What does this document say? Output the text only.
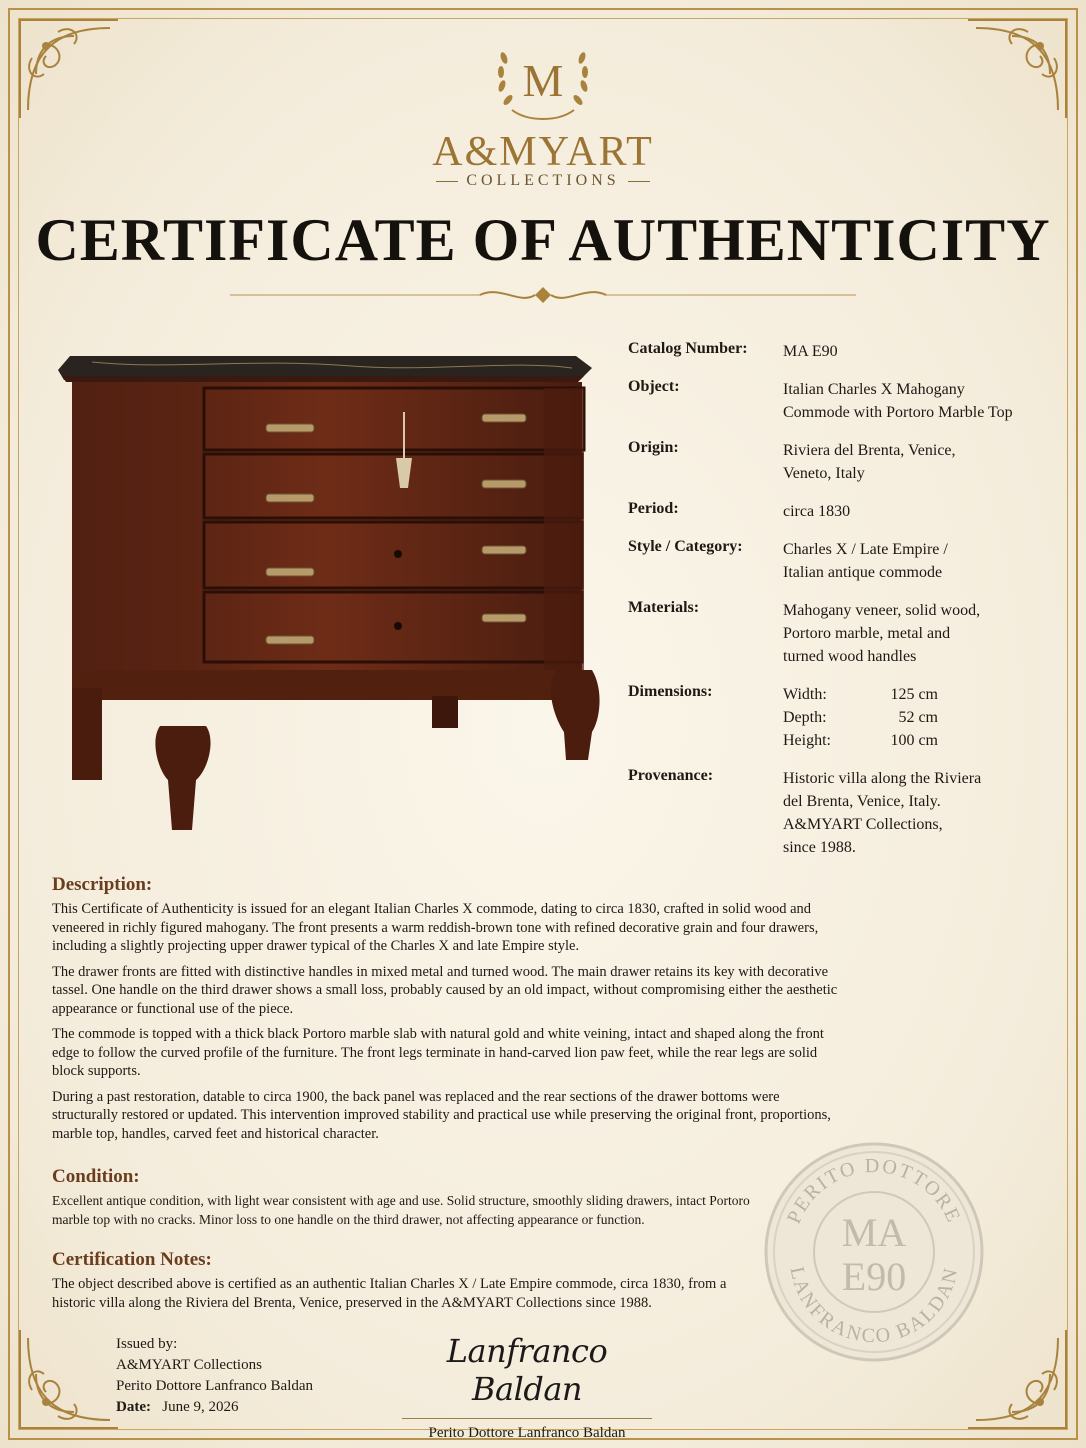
M
A&MYART
COLLECTIONS
CERTIFICATE OF AUTHENTICITY
Catalog Number:	MA E90
Object:	Italian Charles X Mahogany
Commode with Portoro Marble Top
Origin:	Riviera del Brenta, Venice,
Veneto, Italy
Period:	circa 1830
Style / Category:	Charles X / Late Empire /
Italian antique commode
Materials:	Mahogany veneer, solid wood,
Portoro marble, metal and
turned wood handles
Dimensions:	Width:	125 cm
Depth:	52 cm
Height:	100 cm
Provenance:	Historic villa along the Riviera
del Brenta, Venice, Italy.
A&MYART Collections,
since 1988.
Description:

This Certificate of Authenticity is issued for an elegant Italian Charles X commode, dating to circa 1830, crafted in solid wood and veneered in richly figured mahogany. The front presents a warm reddish-brown tone with refined decorative grain and four drawers, including a slightly projecting upper drawer typical of the Charles X and late Empire style.

The drawer fronts are fitted with distinctive handles in mixed metal and turned wood. The main drawer retains its key with decorative tassel. One handle on the third drawer shows a small loss, probably caused by an old impact, without compromising either the aesthetic appearance or functional use of the piece.

The commode is topped with a thick black Portoro marble slab with natural gold and white veining, intact and shaped along the front edge to follow the curved profile of the furniture. The front legs terminate in hand-carved lion paw feet, while the rear legs are solid block supports.

During a past restoration, datable to circa 1900, the back panel was replaced and the rear sections of the drawer bottoms were structurally restored or updated. This intervention improved stability and practical use while preserving the original front, proportions, marble top, handles, carved feet and historical character.

Condition:

Excellent antique condition, with light wear consistent with age and use. Solid structure, smoothly sliding drawers, intact Portoro marble top with no cracks. Minor loss to one handle on the third drawer, not affecting appearance or function.

Certification Notes:

The object described above is certified as an authentic Italian Charles X / Late Empire commode, circa 1830, from a historic villa along the Riviera del Brenta, Venice, preserved in the A&MYART Collections since 1988.

Issued by:
A&MYART Collections
Perito Dottore Lanfranco Baldan
Date: June 9, 2026
Lanfranco Baldan
Perito Dottore Lanfranco Baldan
PERITO DOTTORE
LANFRANCO BALDAN
MA
E90
